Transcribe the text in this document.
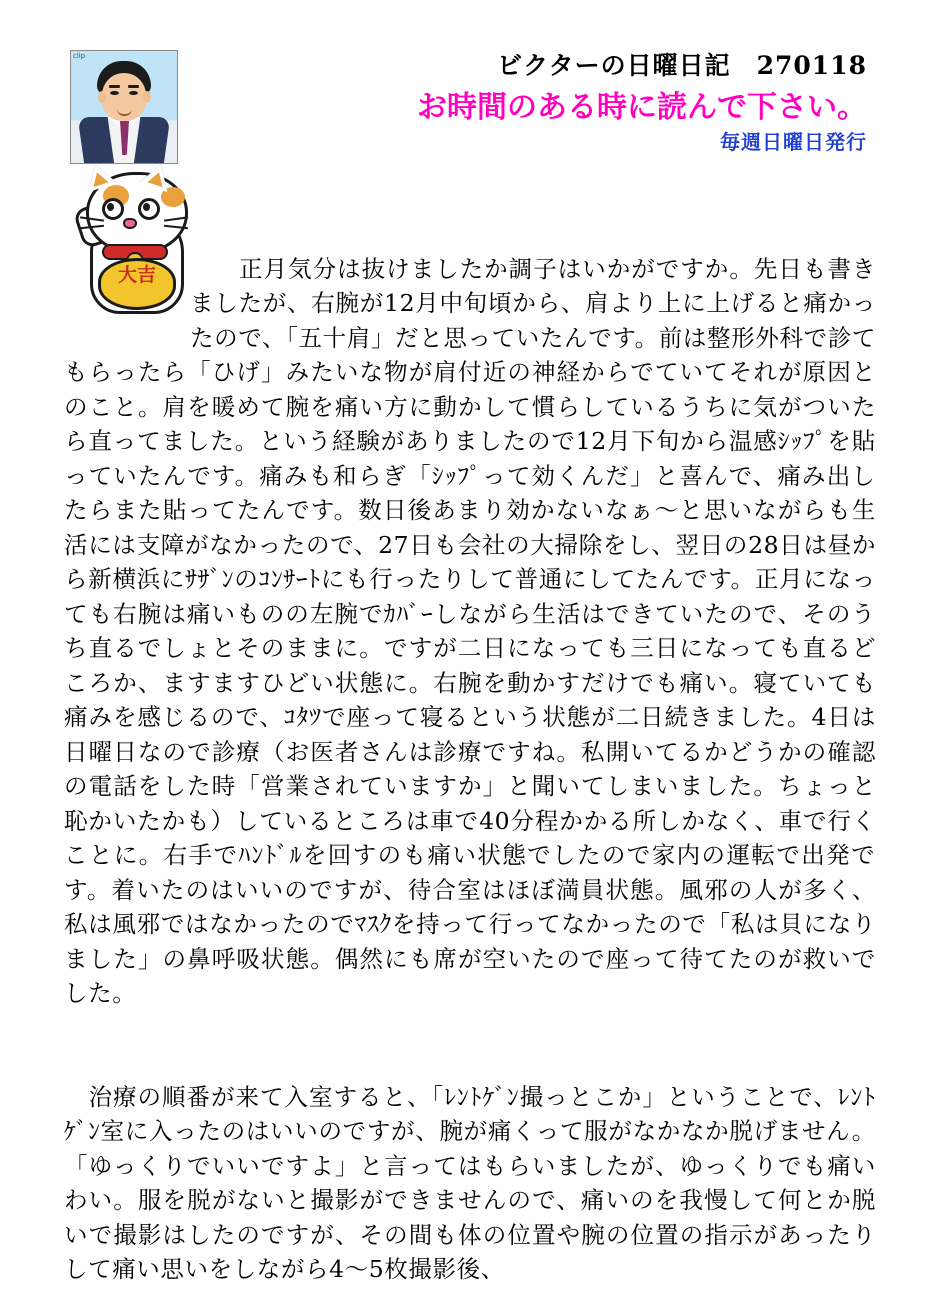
clip	ビクターの日曜日記　270118
お時間のある時に読んで下さい。
毎週日曜日発行
大吉

	　　正月気分は抜けましたか調子はいかがですか。先日も書きましたが、右腕が12月中旬頃から、肩より上に上げると痛かったので、「五十肩」だと思っていたんです。前は整形外科で診てもらったら「ひげ」みたいな物が肩付近の神経からでていてそれが原因とのこと。肩を暖めて腕を痛い方に動かして慣らしているうちに気がついたら直ってました。という経験がありましたので12月下旬から温感ｼｯﾌﾟを貼っていたんです。痛みも和らぎ「ｼｯﾌﾟって効くんだ」と喜んで、痛み出したらまた貼ってたんです。数日後あまり効かないなぁ～と思いながらも生活には支障がなかったので、27日も会社の大掃除をし、翌日の28日は昼から新横浜にｻｻﾞﾝのｺﾝｻｰﾄにも行ったりして普通にしてたんです。正月になっても右腕は痛いものの左腕でｶﾊﾞｰしながら生活はできていたので、そのうち直るでしょとそのままに。ですが二日になっても三日になっても直るどころか、ますますひどい状態に。右腕を動かすだけでも痛い。寝ていても痛みを感じるので、ｺﾀﾂで座って寝るという状態が二日続きました。4日は日曜日なので診療（お医者さんは診療ですね。私開いてるかどうかの確認の電話をした時「営業されていますか」と聞いてしまいました。ちょっと恥かいたかも）しているところは車で40分程かかる所しかなく、車で行くことに。右手でﾊﾝﾄﾞﾙを回すのも痛い状態でしたので家内の運転で出発です。着いたのはいいのですが、待合室はほぼ満員状態。風邪の人が多く、私は風邪ではなかったのでﾏｽｸを持って行ってなかったので「私は貝になりました」の鼻呼吸状態。偶然にも席が空いたので座って待てたのが救いでした。

　治療の順番が来て入室すると、「ﾚﾝﾄｹﾞﾝ撮っとこか」ということで、ﾚﾝﾄｹﾞﾝ室に入ったのはいいのですが、腕が痛くって服がなかなか脱げません。「ゆっくりでいいですよ」と言ってはもらいましたが、ゆっくりでも痛いわい。服を脱がないと撮影ができませんので、痛いのを我慢して何とか脱いで撮影はしたのですが、その間も体の位置や腕の位置の指示があったりして痛い思いをしながら4～5枚撮影後、
